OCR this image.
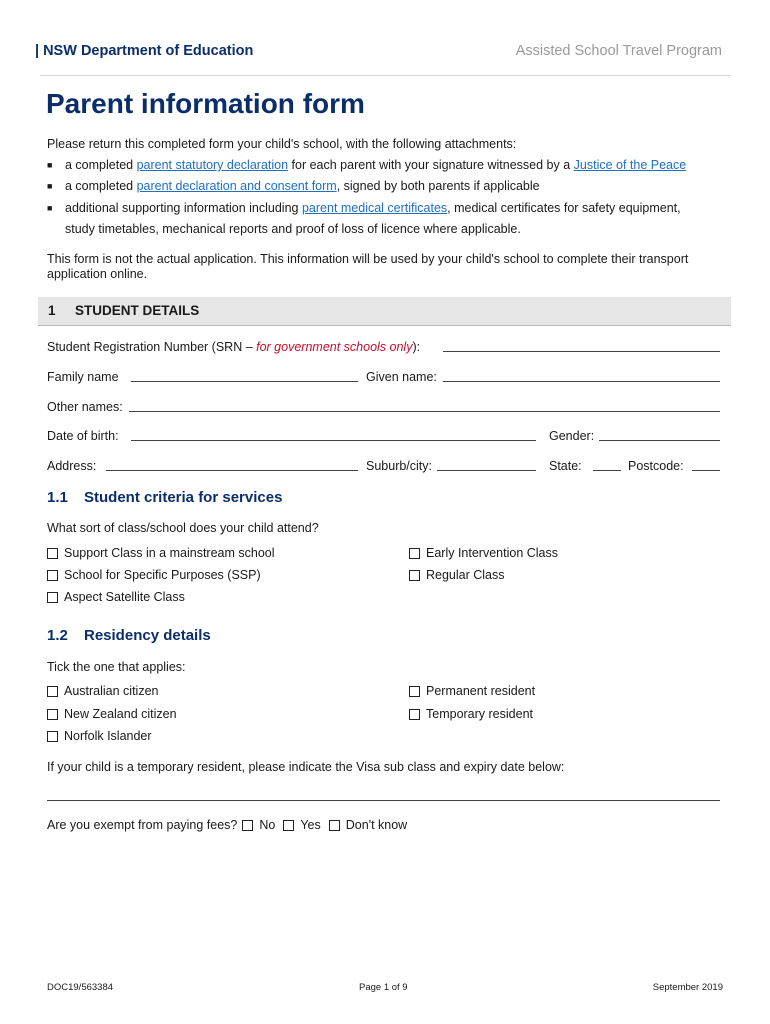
| NSW Department of Education	Assisted School Travel Program
Parent information form
Please return this completed form your child's school, with the following attachments:
■ a completed parent statutory declaration for each parent with your signature witnessed by a Justice of the Peace
■ a completed parent declaration and consent form, signed by both parents if applicable
■ additional supporting information including parent medical certificates, medical certificates for safety equipment,
study timetables, mechanical reports and proof of loss of licence where applicable.
This form is not the actual application. This information will be used by your child's school to complete their transport
application online.
1 STUDENT DETAILS
Student Registration Number (SRN – for government schools only):
Family name	Given name:
Other names:
Date of birth:	Gender:
Address:	Suburb/city:	State:	Postcode:
1.1 Student criteria for services
What sort of class/school does your child attend?
Support Class in a mainstream school
School for Specific Purposes (SSP)
Aspect Satellite Class
Early Intervention Class
Regular Class
1.2 Residency details
Tick the one that applies:
Australian citizen
New Zealand citizen
Norfolk Islander
Permanent resident
Temporary resident
If your child is a temporary resident, please indicate the Visa sub class and expiry date below:
Are you exempt from paying fees? No Yes Don't know
DOC19/563384	Page 1 of 9	September 2019
